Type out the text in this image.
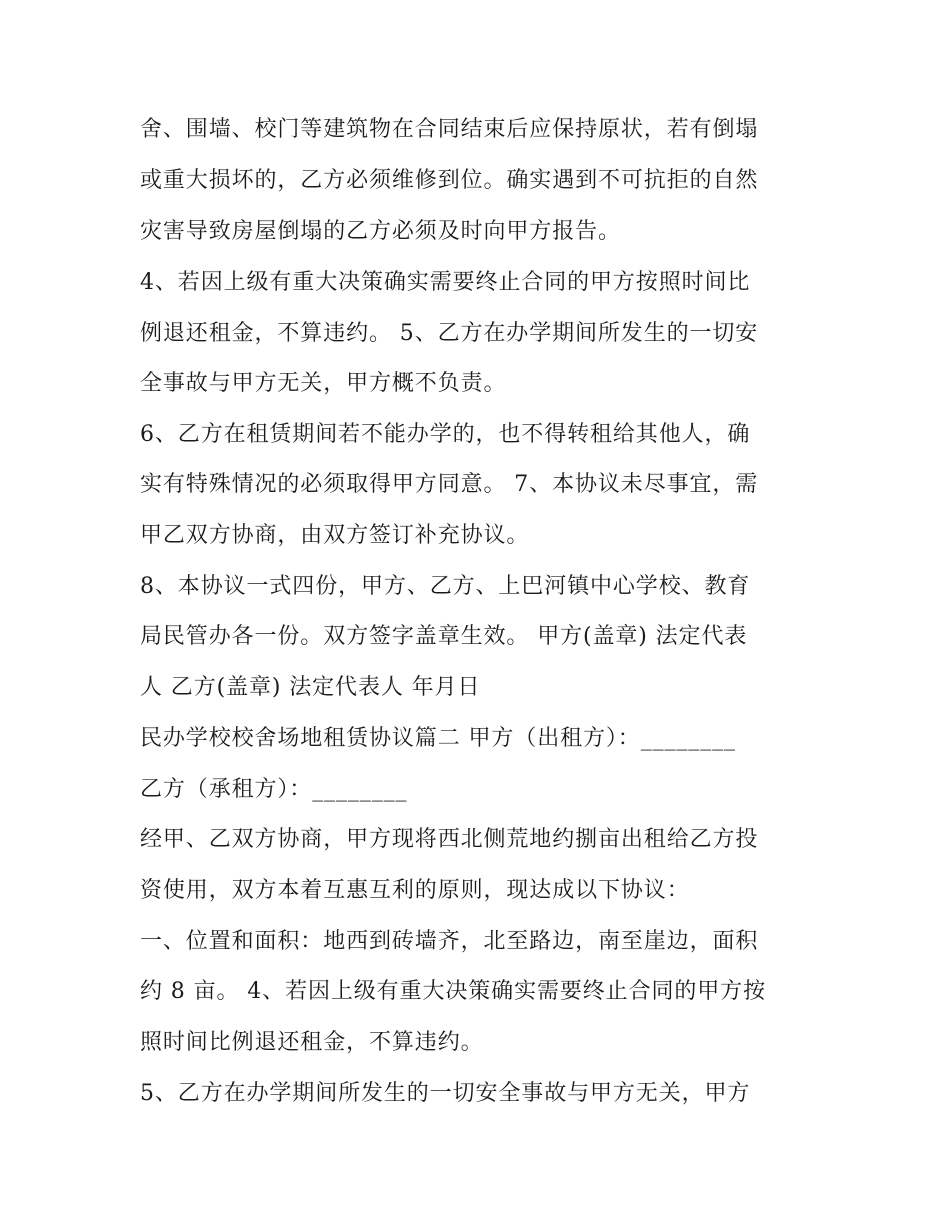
舍、围墙、校门等建筑物在合同结束后应保持原状，若有倒塌
或重大损坏的，乙方必须维修到位。确实遇到不可抗拒的自然
灾害导致房屋倒塌的乙方必须及时向甲方报告。
4、若因上级有重大决策确实需要终止合同的甲方按照时间比
例退还租金，不算违约。 5、乙方在办学期间所发生的一切安
全事故与甲方无关，甲方概不负责。
6、乙方在租赁期间若不能办学的，也不得转租给其他人，确
实有特殊情况的必须取得甲方同意。 7、本协议未尽事宜，需
甲乙双方协商，由双方签订补充协议。
8、本协议一式四份，甲方、乙方、上巴河镇中心学校、教育
局民管办各一份。双方签字盖章生效。 甲方(盖章) 法定代表
人 乙方(盖章) 法定代表人 年月日
民办学校校舍场地租赁协议篇二 甲方（出租方）：________
乙方（承租方）：________
经甲、乙双方协商，甲方现将西北侧荒地约捌亩出租给乙方投
资使用，双方本着互惠互利的原则，现达成以下协议：
一、位置和面积：地西到砖墙齐，北至路边，南至崖边，面积
约 8 亩。 4、若因上级有重大决策确实需要终止合同的甲方按
照时间比例退还租金，不算违约。
5、乙方在办学期间所发生的一切安全事故与甲方无关，甲方
